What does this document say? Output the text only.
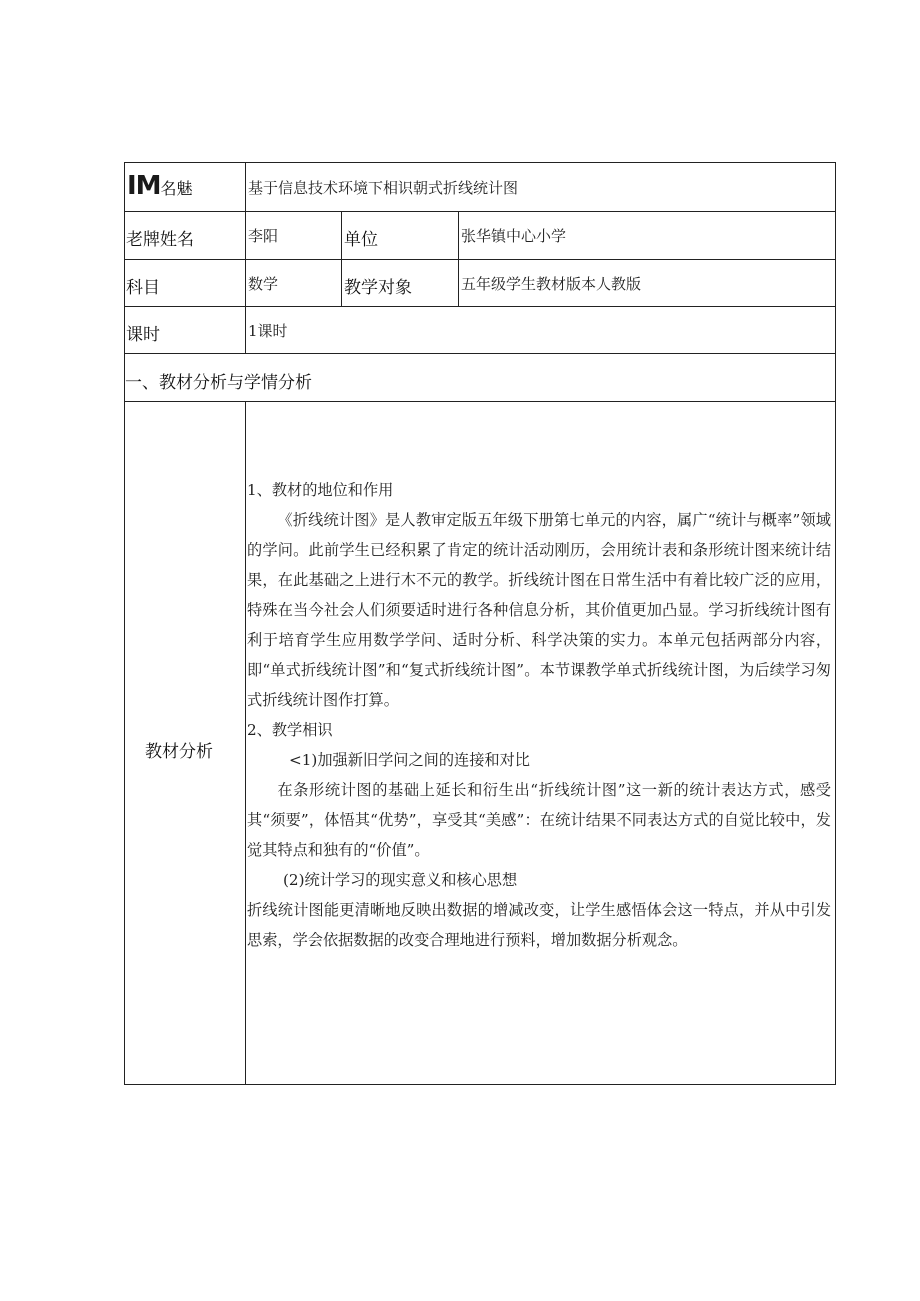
IM名魅	基于信息技术环境下相识朝式折线统计图
老牌姓名	李阳	单位	张华镇中心小学
科目	数学	教学对象	五年级学生教材版本人教版
课时	1课时
一、教材分析与学情分析
教材分析

1、教材的地位和作用

《折线统计图》是人教审定版五年级下册第七单元的内容，属广“统计与概率”领域的学问。此前学生已经积累了肯定的统计活动刚历，会用统计表和条形统计图来统计结果，在此基础之上进行木不元的教学。折线统计图在日常生活中有着比较广泛的应用，特殊在当今社会人们须要适时进行各种信息分析，其价值更加凸显。学习折线统计图有利于培育学生应用数学学问、适时分析、科学决策的实力。本单元包括两部分内容，即“单式折线统计图”和“复式折线统计图”。本节课教学单式折线统计图，为后续学习匆式折线统计图作打算。

2、教学相识

<1)加强新旧学问之间的连接和对比

在条形统计图的基础上延长和衍生出“折线统计图”这一新的统计表达方式，感受其“须要”，体悟其“优势”，享受其“美感”：在统计结果不同表达方式的自觉比较中，发觉其特点和独有的“价值”。

(2)统计学习的现实意义和核心思想

折线统计图能更清晰地反映出数据的增减改变，让学生感悟体会这一特点，并从中引发思索，学会依据数据的改变合理地进行预料，增加数据分析观念。
